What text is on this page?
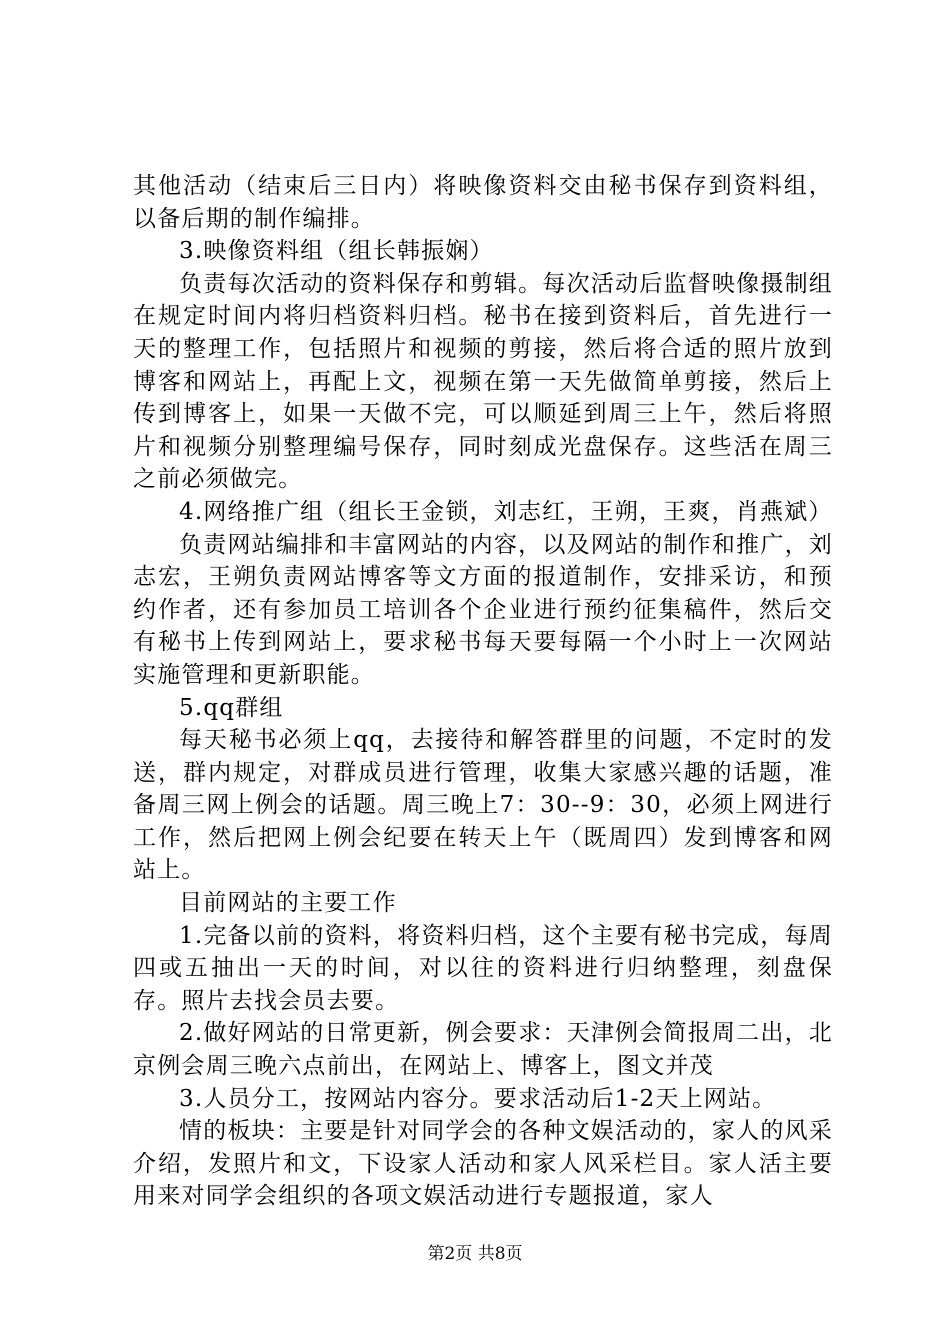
其他活动（结束后三日内）将映像资料交由秘书保存到资料组，以备后期的制作编排。

3.映像资料组（组长韩振娴）

负责每次活动的资料保存和剪辑。每次活动后监督映像摄制组在规定时间内将归档资料归档。秘书在接到资料后，首先进行一天的整理工作，包括照片和视频的剪接，然后将合适的照片放到博客和网站上，再配上文，视频在第一天先做简单剪接，然后上传到博客上，如果一天做不完，可以顺延到周三上午，然后将照片和视频分别整理编号保存，同时刻成光盘保存。这些活在周三之前必须做完。

4.网络推广组（组长王金锁，刘志红，王朔，王爽，肖燕斌）

负责网站编排和丰富网站的内容，以及网站的制作和推广，刘志宏，王朔负责网站博客等文方面的报道制作，安排采访，和预约作者，还有参加员工培训各个企业进行预约征集稿件，然后交有秘书上传到网站上，要求秘书每天要每隔一个小时上一次网站实施管理和更新职能。

5.qq群组

每天秘书必须上qq，去接待和解答群里的问题，不定时的发送，群内规定，对群成员进行管理，收集大家感兴趣的话题，准备周三网上例会的话题。周三晚上7：30--9：30，必须上网进行工作，然后把网上例会纪要在转天上午（既周四）发到博客和网站上。

目前网站的主要工作

1.完备以前的资料，将资料归档，这个主要有秘书完成，每周四或五抽出一天的时间，对以往的资料进行归纳整理，刻盘保存。照片去找会员去要。

2.做好网站的日常更新，例会要求：天津例会简报周二出，北京例会周三晚六点前出，在网站上、博客上，图文并茂

3.人员分工，按网站内容分。要求活动后1-2天上网站。

情的板块：主要是针对同学会的各种文娱活动的，家人的风采介绍，发照片和文，下设家人活动和家人风采栏目。家人活主要用来对同学会组织的各项文娱活动进行专题报道，家人

第2页 共8页
